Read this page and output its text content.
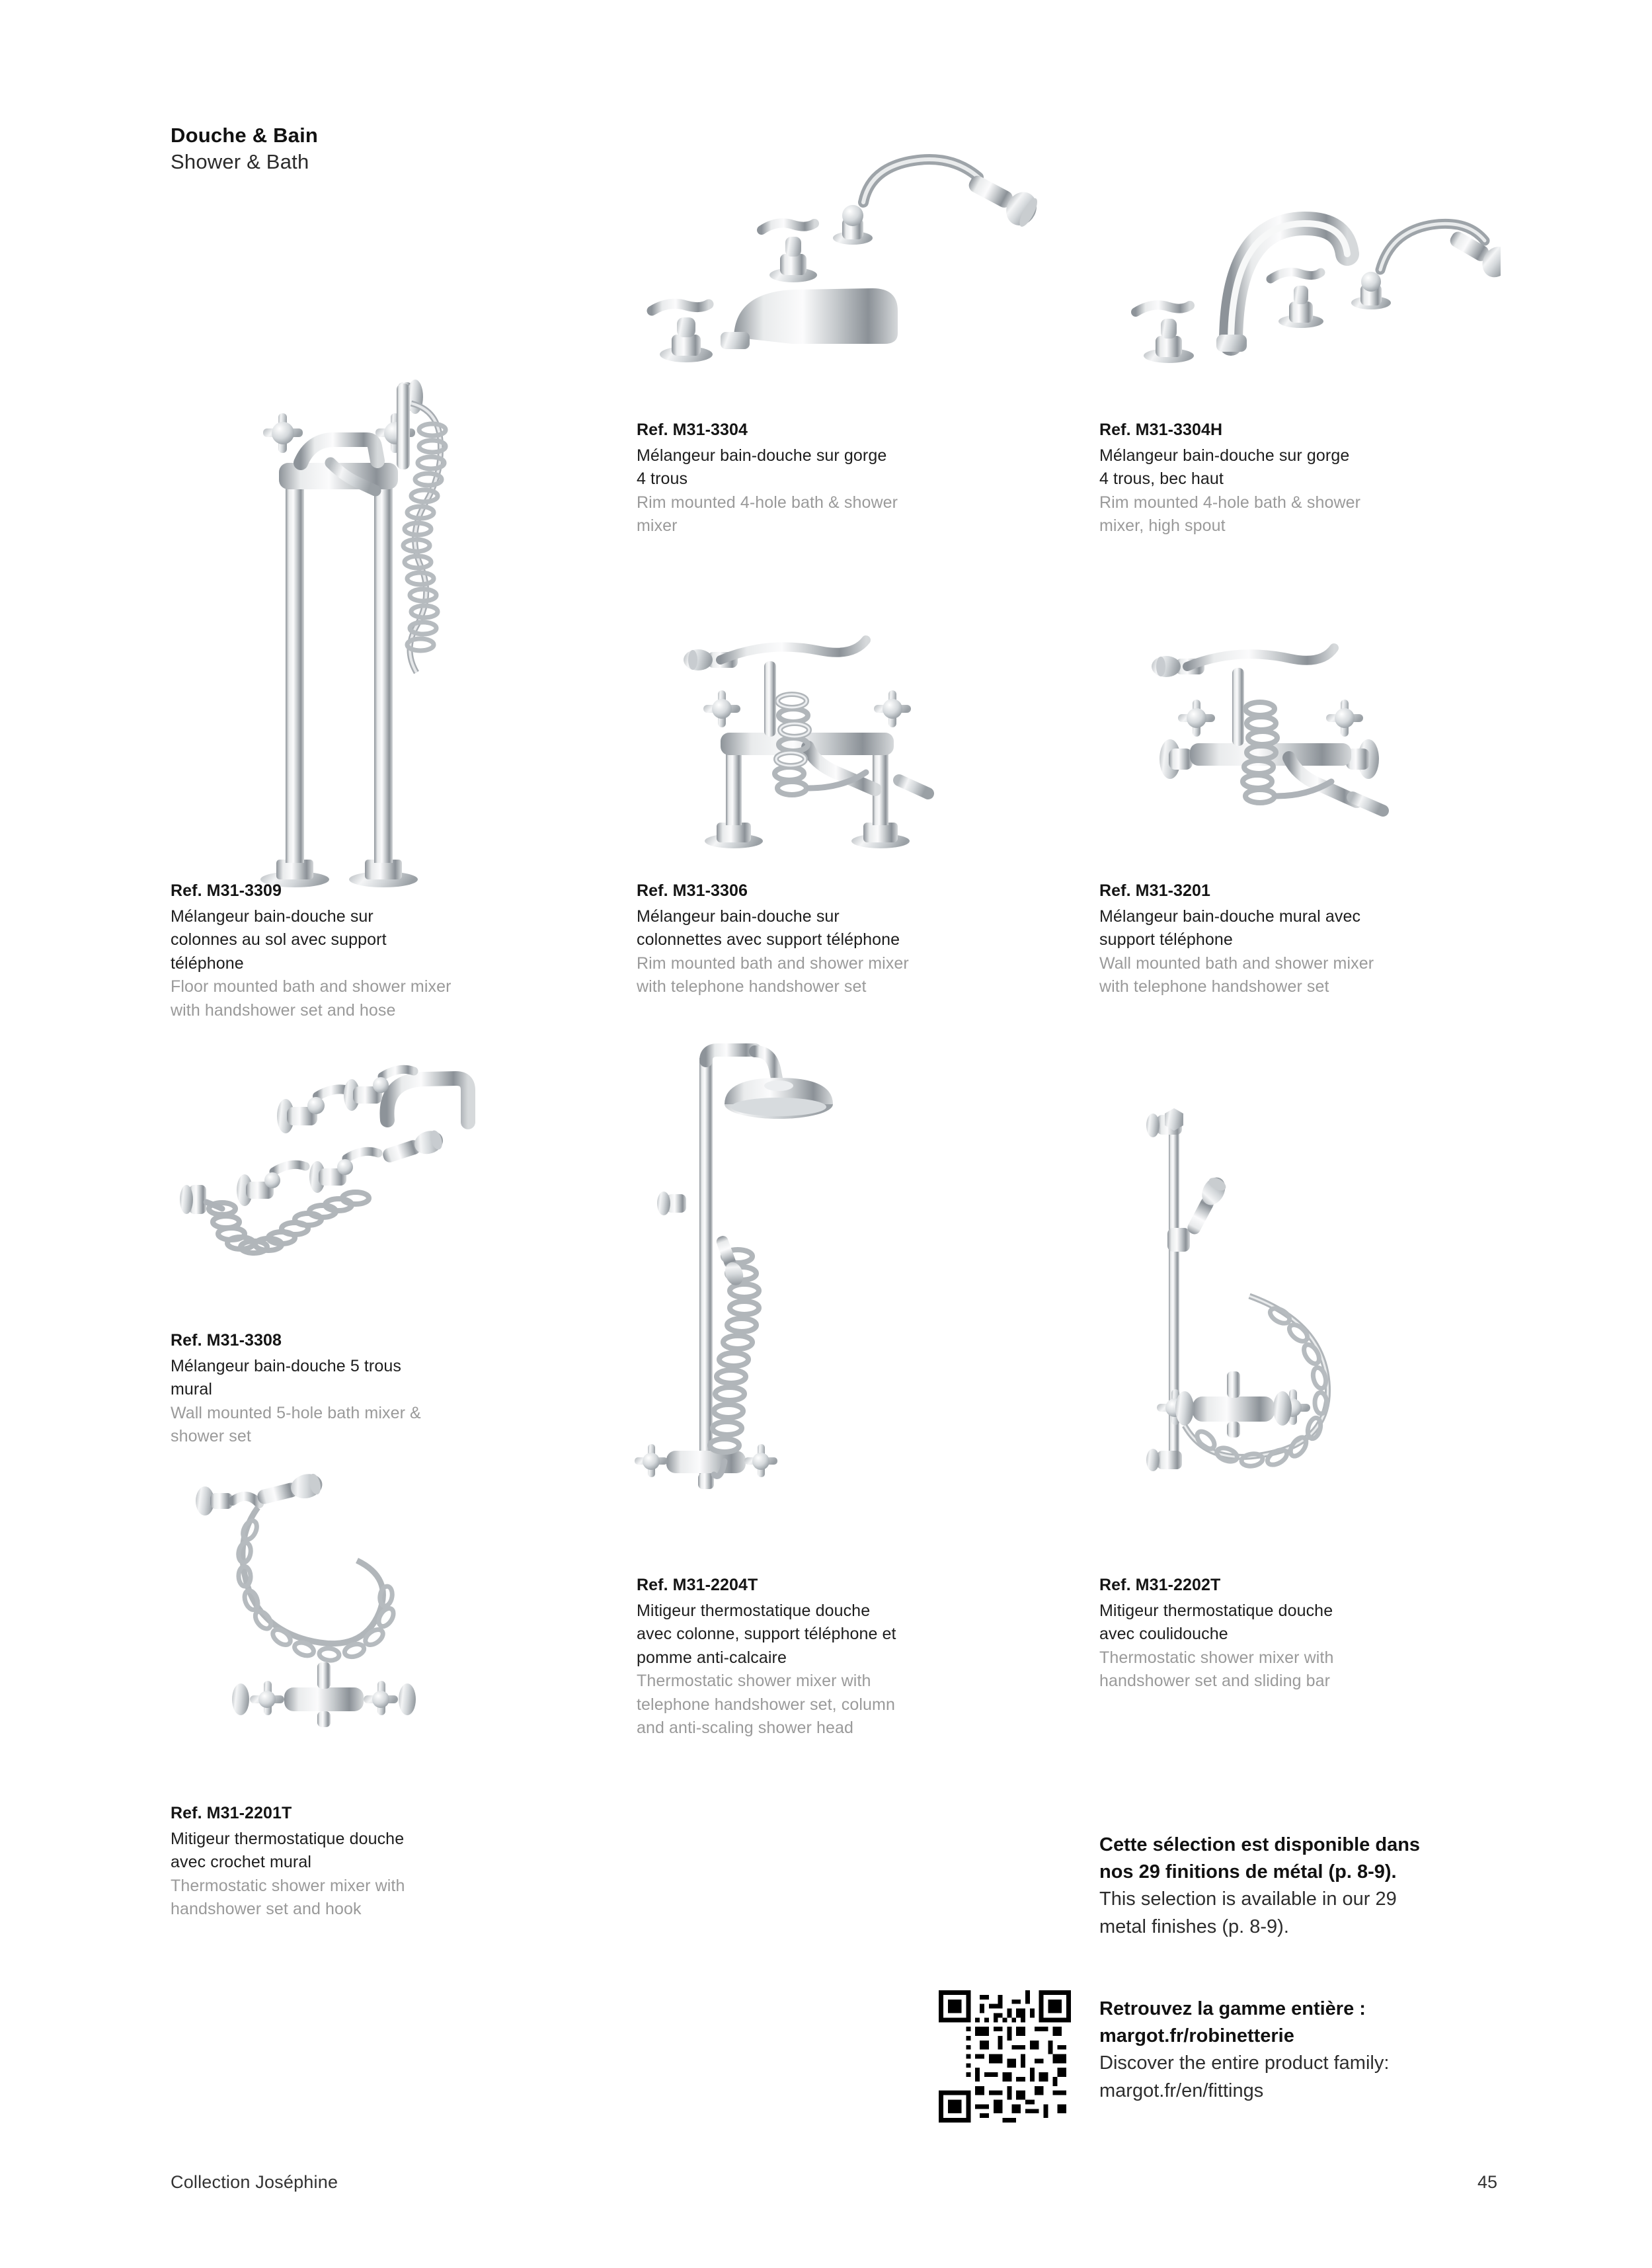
Douche & Bain
Shower & Bath
Ref. M31-3309
Mélangeur bain-douche sur
colonnes au sol avec support
téléphone
Floor mounted bath and shower mixer
with handshower set and hose
Ref. M31-3304
Mélangeur bain-douche sur gorge
4 trous
Rim mounted 4-hole bath & shower
mixer
Ref. M31-3304H
Mélangeur bain-douche sur gorge
4 trous, bec haut
Rim mounted 4-hole bath & shower
mixer, high spout
Ref. M31-3306
Mélangeur bain-douche sur
colonnettes avec support téléphone
Rim mounted bath and shower mixer
with telephone handshower set
Ref. M31-3201
Mélangeur bain-douche mural avec
support téléphone
Wall mounted bath and shower mixer
with telephone handshower set
Ref. M31-3308
Mélangeur bain-douche 5 trous
mural
Wall mounted 5-hole bath mixer &
shower set
Ref. M31-2204T
Mitigeur thermostatique douche
avec colonne, support téléphone et
pomme anti-calcaire
Thermostatic shower mixer with
telephone handshower set, column
and anti-scaling shower head
Ref. M31-2202T
Mitigeur thermostatique douche
avec coulidouche
Thermostatic shower mixer with
handshower set and sliding bar
Ref. M31-2201T
Mitigeur thermostatique douche
avec crochet mural
Thermostatic shower mixer with
handshower set and hook
Cette sélection est disponible dans
nos 29 finitions de métal (p. 8-9).
This selection is available in our 29
metal finishes (p. 8-9).
Retrouvez la gamme entière :
margot.fr/robinetterie
Discover the entire product family:
margot.fr/en/fittings
Collection Joséphine	45
